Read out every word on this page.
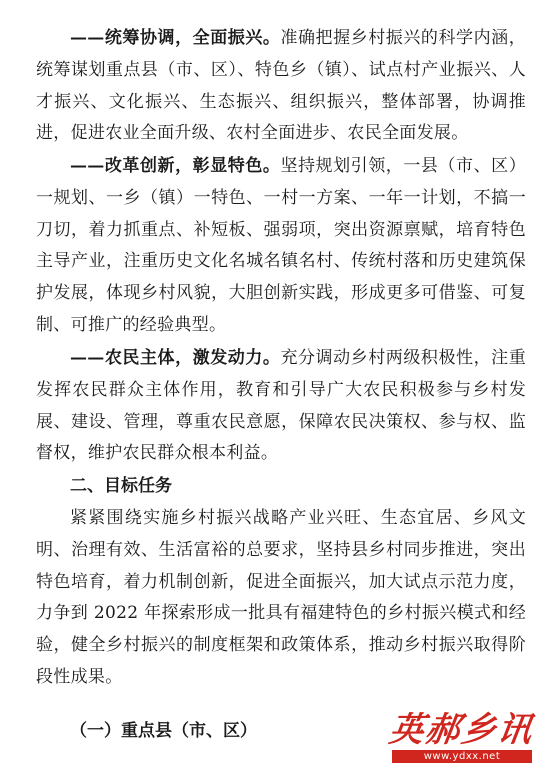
——统筹协调，全面振兴。准确把握乡村振兴的科学内涵，统筹谋划重点县（市、区）、特色乡（镇）、试点村产业振兴、人才振兴、文化振兴、生态振兴、组织振兴，整体部署，协调推进，促进农业全面升级、农村全面进步、农民全面发展。

——改革创新，彰显特色。坚持规划引领，一县（市、区）一规划、一乡（镇）一特色、一村一方案、一年一计划，不搞一刀切，着力抓重点、补短板、强弱项，突出资源禀赋，培育特色主导产业，注重历史文化名城名镇名村、传统村落和历史建筑保护发展，体现乡村风貌，大胆创新实践，形成更多可借鉴、可复制、可推广的经验典型。

——农民主体，激发动力。充分调动乡村两级积极性，注重发挥农民群众主体作用，教育和引导广大农民积极参与乡村发展、建设、管理，尊重农民意愿，保障农民决策权、参与权、监督权，维护农民群众根本利益。

二、目标任务

紧紧围绕实施乡村振兴战略产业兴旺、生态宜居、乡风文明、治理有效、生活富裕的总要求，坚持县乡村同步推进，突出特色培育，着力机制创新，促进全面振兴，加大试点示范力度，力争到 2022 年探索形成一批具有福建特色的乡村振兴模式和经验，健全乡村振兴的制度框架和政策体系，推动乡村振兴取得阶段性成果。

（一）重点县（市、区）	英郝乡讯
www.ydxx.net
